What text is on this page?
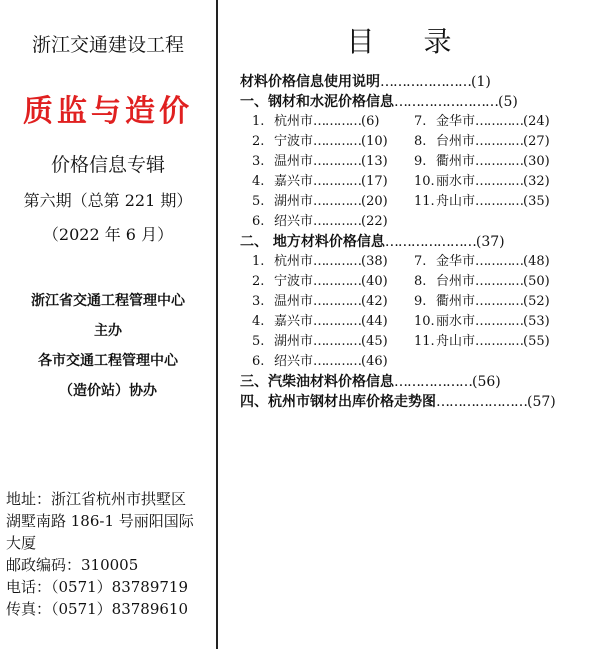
浙江交通建设工程
质监与造价
价格信息专辑
第六期（总第 221 期）
（2022 年 6 月）
浙江省交通工程管理中心
主办
各市交通工程管理中心
（造价站）协办
地址：浙江省杭州市拱墅区
湖墅南路 186-1 号丽阳国际
大厦
邮政编码：310005
电话：（0571）83789719
传真：（0571）83789610
目 录
材料价格信息使用说明…………………(1)
一、钢材和水泥价格信息……………………(5)
1. 杭州市…………(6)	7. 金华市…………(24)
2. 宁波市…………(10) 8. 台州市…………(27)
3. 温州市…………(13) 9. 衢州市…………(30)
4. 嘉兴市…………(17) 10.丽水市…………(32)
5. 湖州市…………(20) 11.舟山市…………(35)
6. 绍兴市…………(22)
二、 地方材料价格信息…………………(37)
1. 杭州市…………(38) 7. 金华市…………(48)
2. 宁波市…………(40) 8. 台州市…………(50)
3. 温州市…………(42) 9. 衢州市…………(52)
4. 嘉兴市…………(44) 10.丽水市…………(53)
5. 湖州市…………(45) 11.舟山市…………(55)
6. 绍兴市…………(46)
三、汽柴油材料价格信息………………(56)
四、杭州市钢材出库价格走势图…………………(57)
